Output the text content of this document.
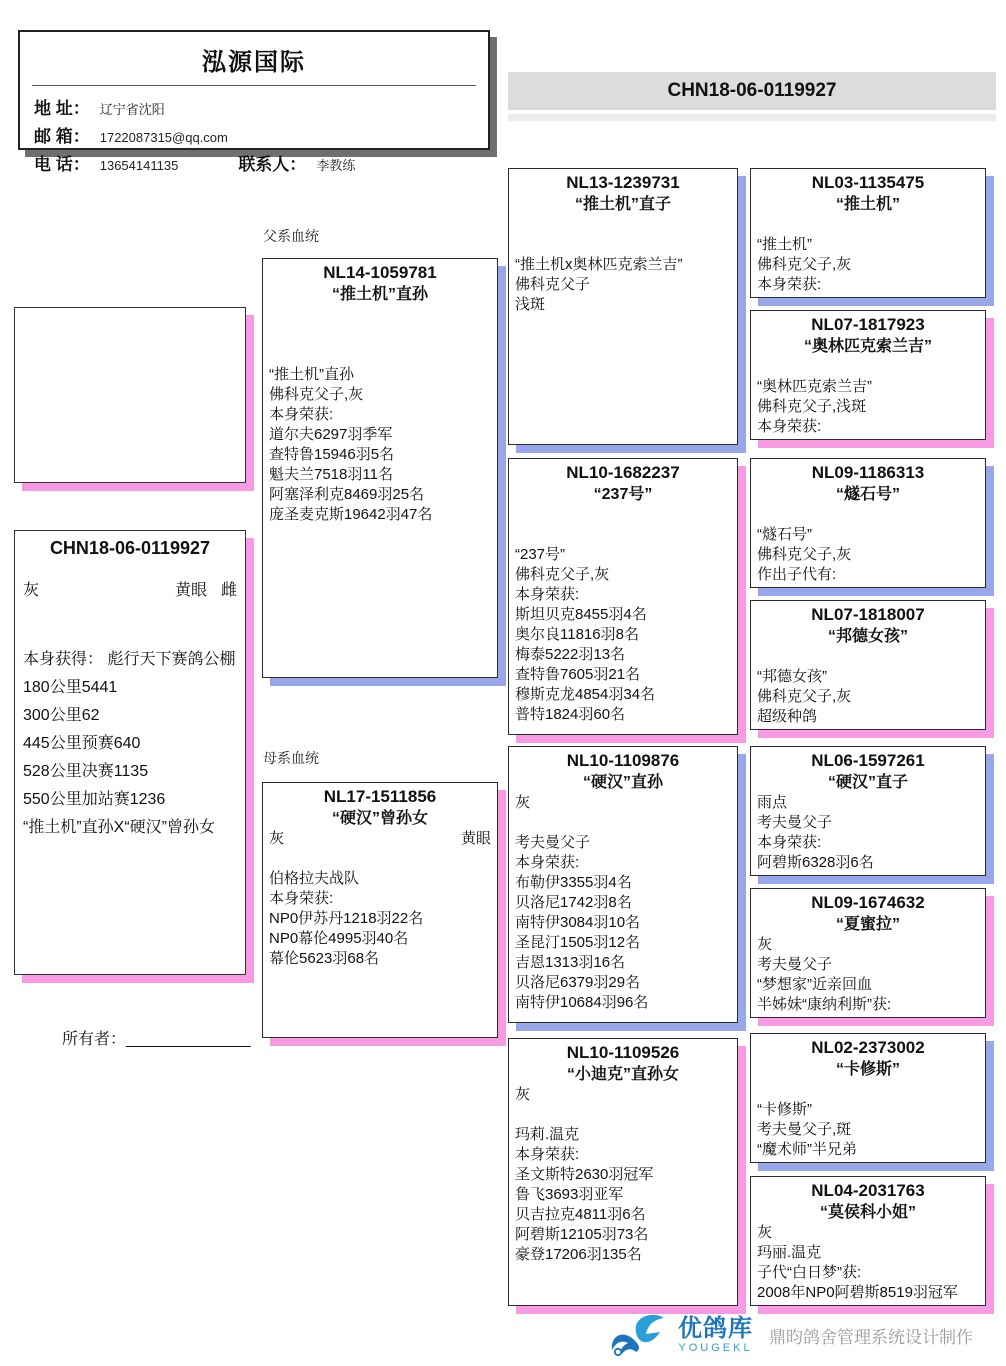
泓源国际
地 址： 辽宁省沈阳
邮 箱： 1722087315@qq.com
电 话： 13654141135	联系人： 李教练
CHN18-06-0119927
父系血统
母系血统
CHN18-06-0119927
灰	黄眼 雌
本身获得： 彪行天下赛鸽公棚
180公里5441
300公里62
445公里预赛640
528公里决赛1135
550公里加站赛1236
“推土机”直孙X“硬汉”曾孙女
所有者：______________
NL14-1059781
“推土机”直孙

“推土机”直孙
佛科克父子,灰
本身荣获:
道尔夫6297羽季军
查特鲁15946羽5名
魁夫兰7518羽11名
阿塞泽利克8469羽25名
庞圣麦克斯19642羽47名
NL17-1511856
“硬汉”曾孙女
灰	黄眼

伯格拉夫战队
本身荣获:
NP0伊苏丹1218羽22名
NP0幕伦4995羽40名
幕伦5623羽68名
NL13-1239731
“推土机”直子

“推土机x奥林匹克索兰吉”
佛科克父子
浅斑
NL10-1682237
“237号”

“237号”
佛科克父子,灰
本身荣获:
斯坦贝克8455羽4名
奥尔良11816羽8名
梅泰5222羽13名
查特鲁7605羽21名
穆斯克龙4854羽34名
普特1824羽60名
NL10-1109876
“硬汉”直孙
灰

考夫曼父子
本身荣获:
布勒伊3355羽4名
贝洛尼1742羽8名
南特伊3084羽10名
圣昆汀1505羽12名
吉恩1313羽16名
贝洛尼6379羽29名
南特伊10684羽96名
NL10-1109526
“小迪克”直孙女
灰

玛莉.温克
本身荣获:
圣文斯特2630羽冠军
鲁飞3693羽亚军
贝吉拉克4811羽6名
阿碧斯12105羽73名
豪登17206羽135名
NL03-1135475
“推土机”

“推土机”
佛科克父子,灰
本身荣获:
NL07-1817923
“奥林匹克索兰吉”

“奥林匹克索兰吉”
佛科克父子,浅斑
本身荣获:
NL09-1186313
“燧石号”

“燧石号”
佛科克父子,灰
作出子代有:
NL07-1818007
“邦德女孩”

“邦德女孩”
佛科克父子,灰
超级种鸽
NL06-1597261
“硬汉”直子
雨点
考夫曼父子
本身荣获:
阿碧斯6328羽6名
NL09-1674632
“夏蜜拉”
灰
考夫曼父子
“梦想家”近亲回血
半姊妹“康纳利斯”获:
NL02-2373002
“卡修斯”

“卡修斯”
考夫曼父子,斑
“魔术师”半兄弟
NL04-2031763
“莫侯科小姐”
灰
玛丽.温克
子代“白日梦”获:
2008年NP0阿碧斯8519羽冠军
优鸽库
YOUGEKL
鼎昀鸽舍管理系统设计制作
